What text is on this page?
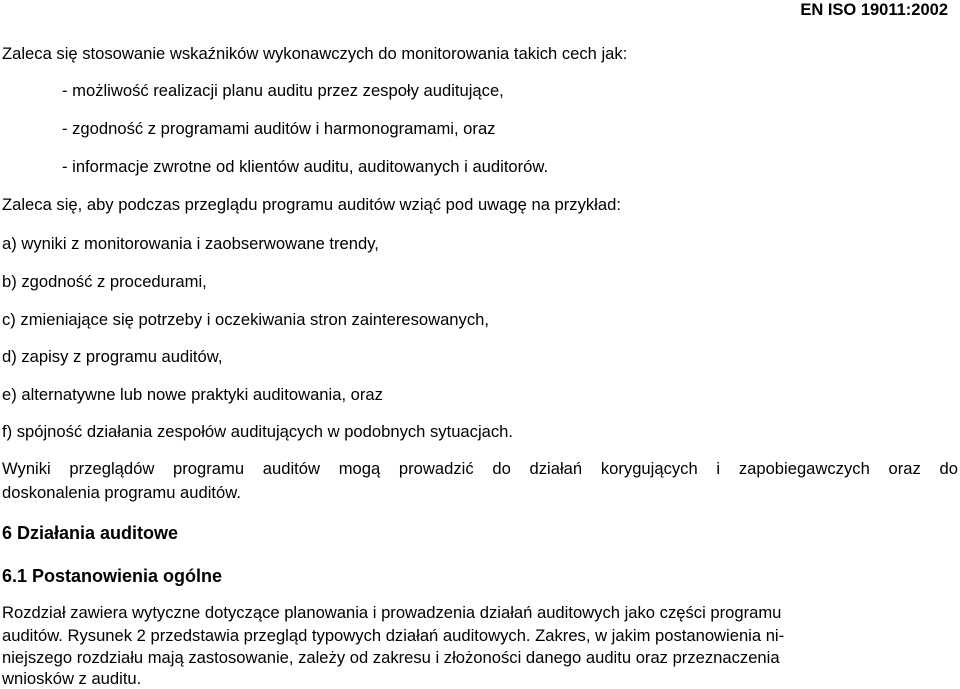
EN ISO 19011:2002
Zaleca się stosowanie wskaźników wykonawczych do monitorowania takich cech jak:
- możliwość realizacji planu auditu przez zespoły auditujące,
- zgodność z programami auditów i harmonogramami, oraz
- informacje zwrotne od klientów auditu, auditowanych i auditorów.
Zaleca się, aby podczas przeglądu programu auditów wziąć pod uwagę na przykład:
a) wyniki z monitorowania i zaobserwowane trendy,
b) zgodność z procedurami,
c) zmieniające się potrzeby i oczekiwania stron zainteresowanych,
d) zapisy z programu auditów,
e) alternatywne lub nowe praktyki auditowania, oraz
f) spójność działania zespołów auditujących w podobnych sytuacjach.
Wyniki przeglądów programu auditów mogą prowadzić do działań korygujących i zapobiegawczych oraz do
doskonalenia programu auditów.
6 Działania auditowe
6.1 Postanowienia ogólne
Rozdział zawiera wytyczne dotyczące planowania i prowadzenia działań auditowych jako części programu
auditów. Rysunek 2 przedstawia przegląd typowych działań auditowych. Zakres, w jakim postanowienia ni-
niejszego rozdziału mają zastosowanie, zależy od zakresu i złożoności danego auditu oraz przeznaczenia
wniosków z auditu.
